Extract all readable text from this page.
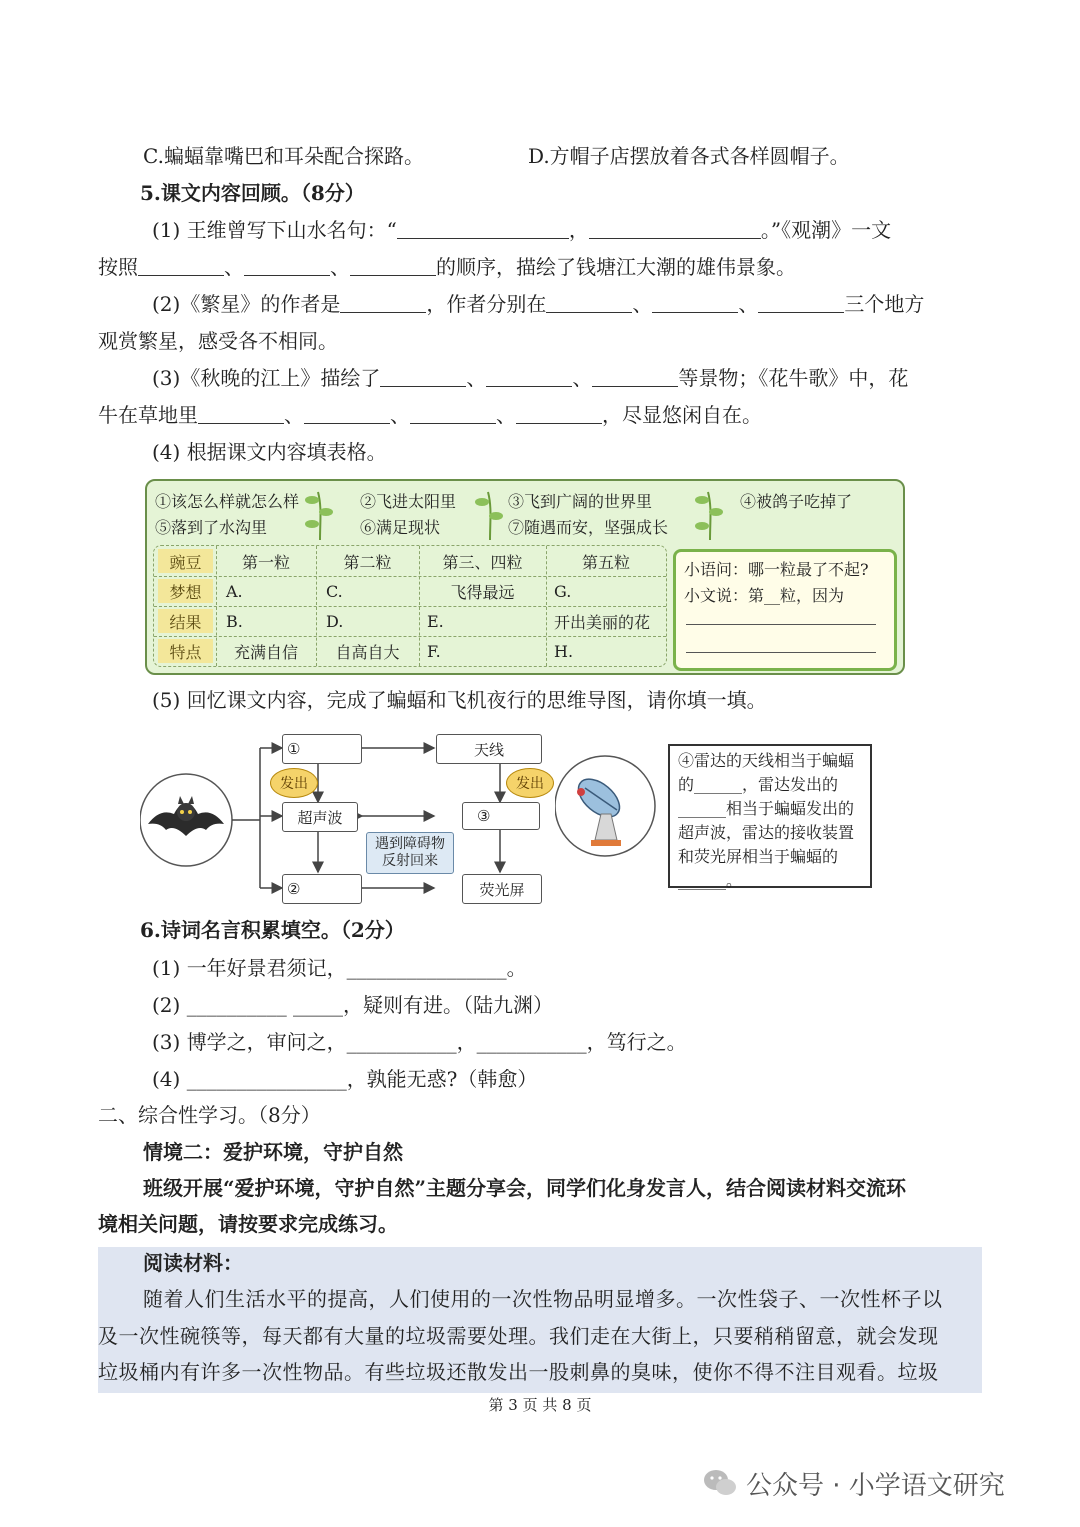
C.蝙蝠靠嘴巴和耳朵配合探路。	D.方帽子店摆放着各式各样圆帽子。
5.课文内容回顾。（8分）
(1) 王维曾写下山水名句：“	，	。”《观潮》一文
按照	、	、	的顺序，描绘了钱塘江大潮的雄伟景象。
(2)《繁星》的作者是	，作者分别在	、	、	三个地方
观赏繁星，感受各不相同。
(3)《秋晚的江上》描绘了	、	、	等景物；《花牛歌》中，花
牛在草地里	、	、	、	，尽显悠闲自在。
(4) 根据课文内容填表格。
①该怎么样就怎么样	②飞进太阳里	③飞到广阔的世界里	④被鸽子吃掉了
⑤落到了水沟里	⑥满足现状	⑦随遇而安，坚强成长
豌豆	第一粒	第二粒	第三、四粒	第五粒
梦想	A.	C.	飞得最远	G.
结果	B.	D.	E.	开出美丽的花
特点	充满自信	自高自大	F.	H.
小语问：哪一粒最了不起?
小文说：第__粒，因为
(5) 回忆课文内容，完成了蝙蝠和飞机夜行的思维导图，请你填一填。
①	天线
发出	发出
超声波	③
遇到障碍物
反射回来
②	荧光屏
④雷达的天线相当于蝙蝠的______，雷达发出的______相当于蝙蝠发出的超声波，雷达的接收装置和荧光屏相当于蝙蝠的______。
6.诗词名言积累填空。（2分）
(1) 一年好景君须记，________________。
(2) __________ _____，疑则有进。（陆九渊）
(3) 博学之，审问之，___________，___________，笃行之。
(4) ________________，孰能无惑?（韩愈）
二、综合性学习。（8分）
情境二：爱护环境，守护自然
班级开展“爱护环境，守护自然”主题分享会，同学们化身发言人，结合阅读材料交流环
境相关问题，请按要求完成练习。
阅读材料：
随着人们生活水平的提高，人们使用的一次性物品明显增多。一次性袋子、一次性杯子以
及一次性碗筷等，每天都有大量的垃圾需要处理。我们走在大街上，只要稍稍留意，就会发现
垃圾桶内有许多一次性物品。有些垃圾还散发出一股刺鼻的臭味，使你不得不注目观看。垃圾
第 3 页 共 8 页
公众号 · 小学语文研究
